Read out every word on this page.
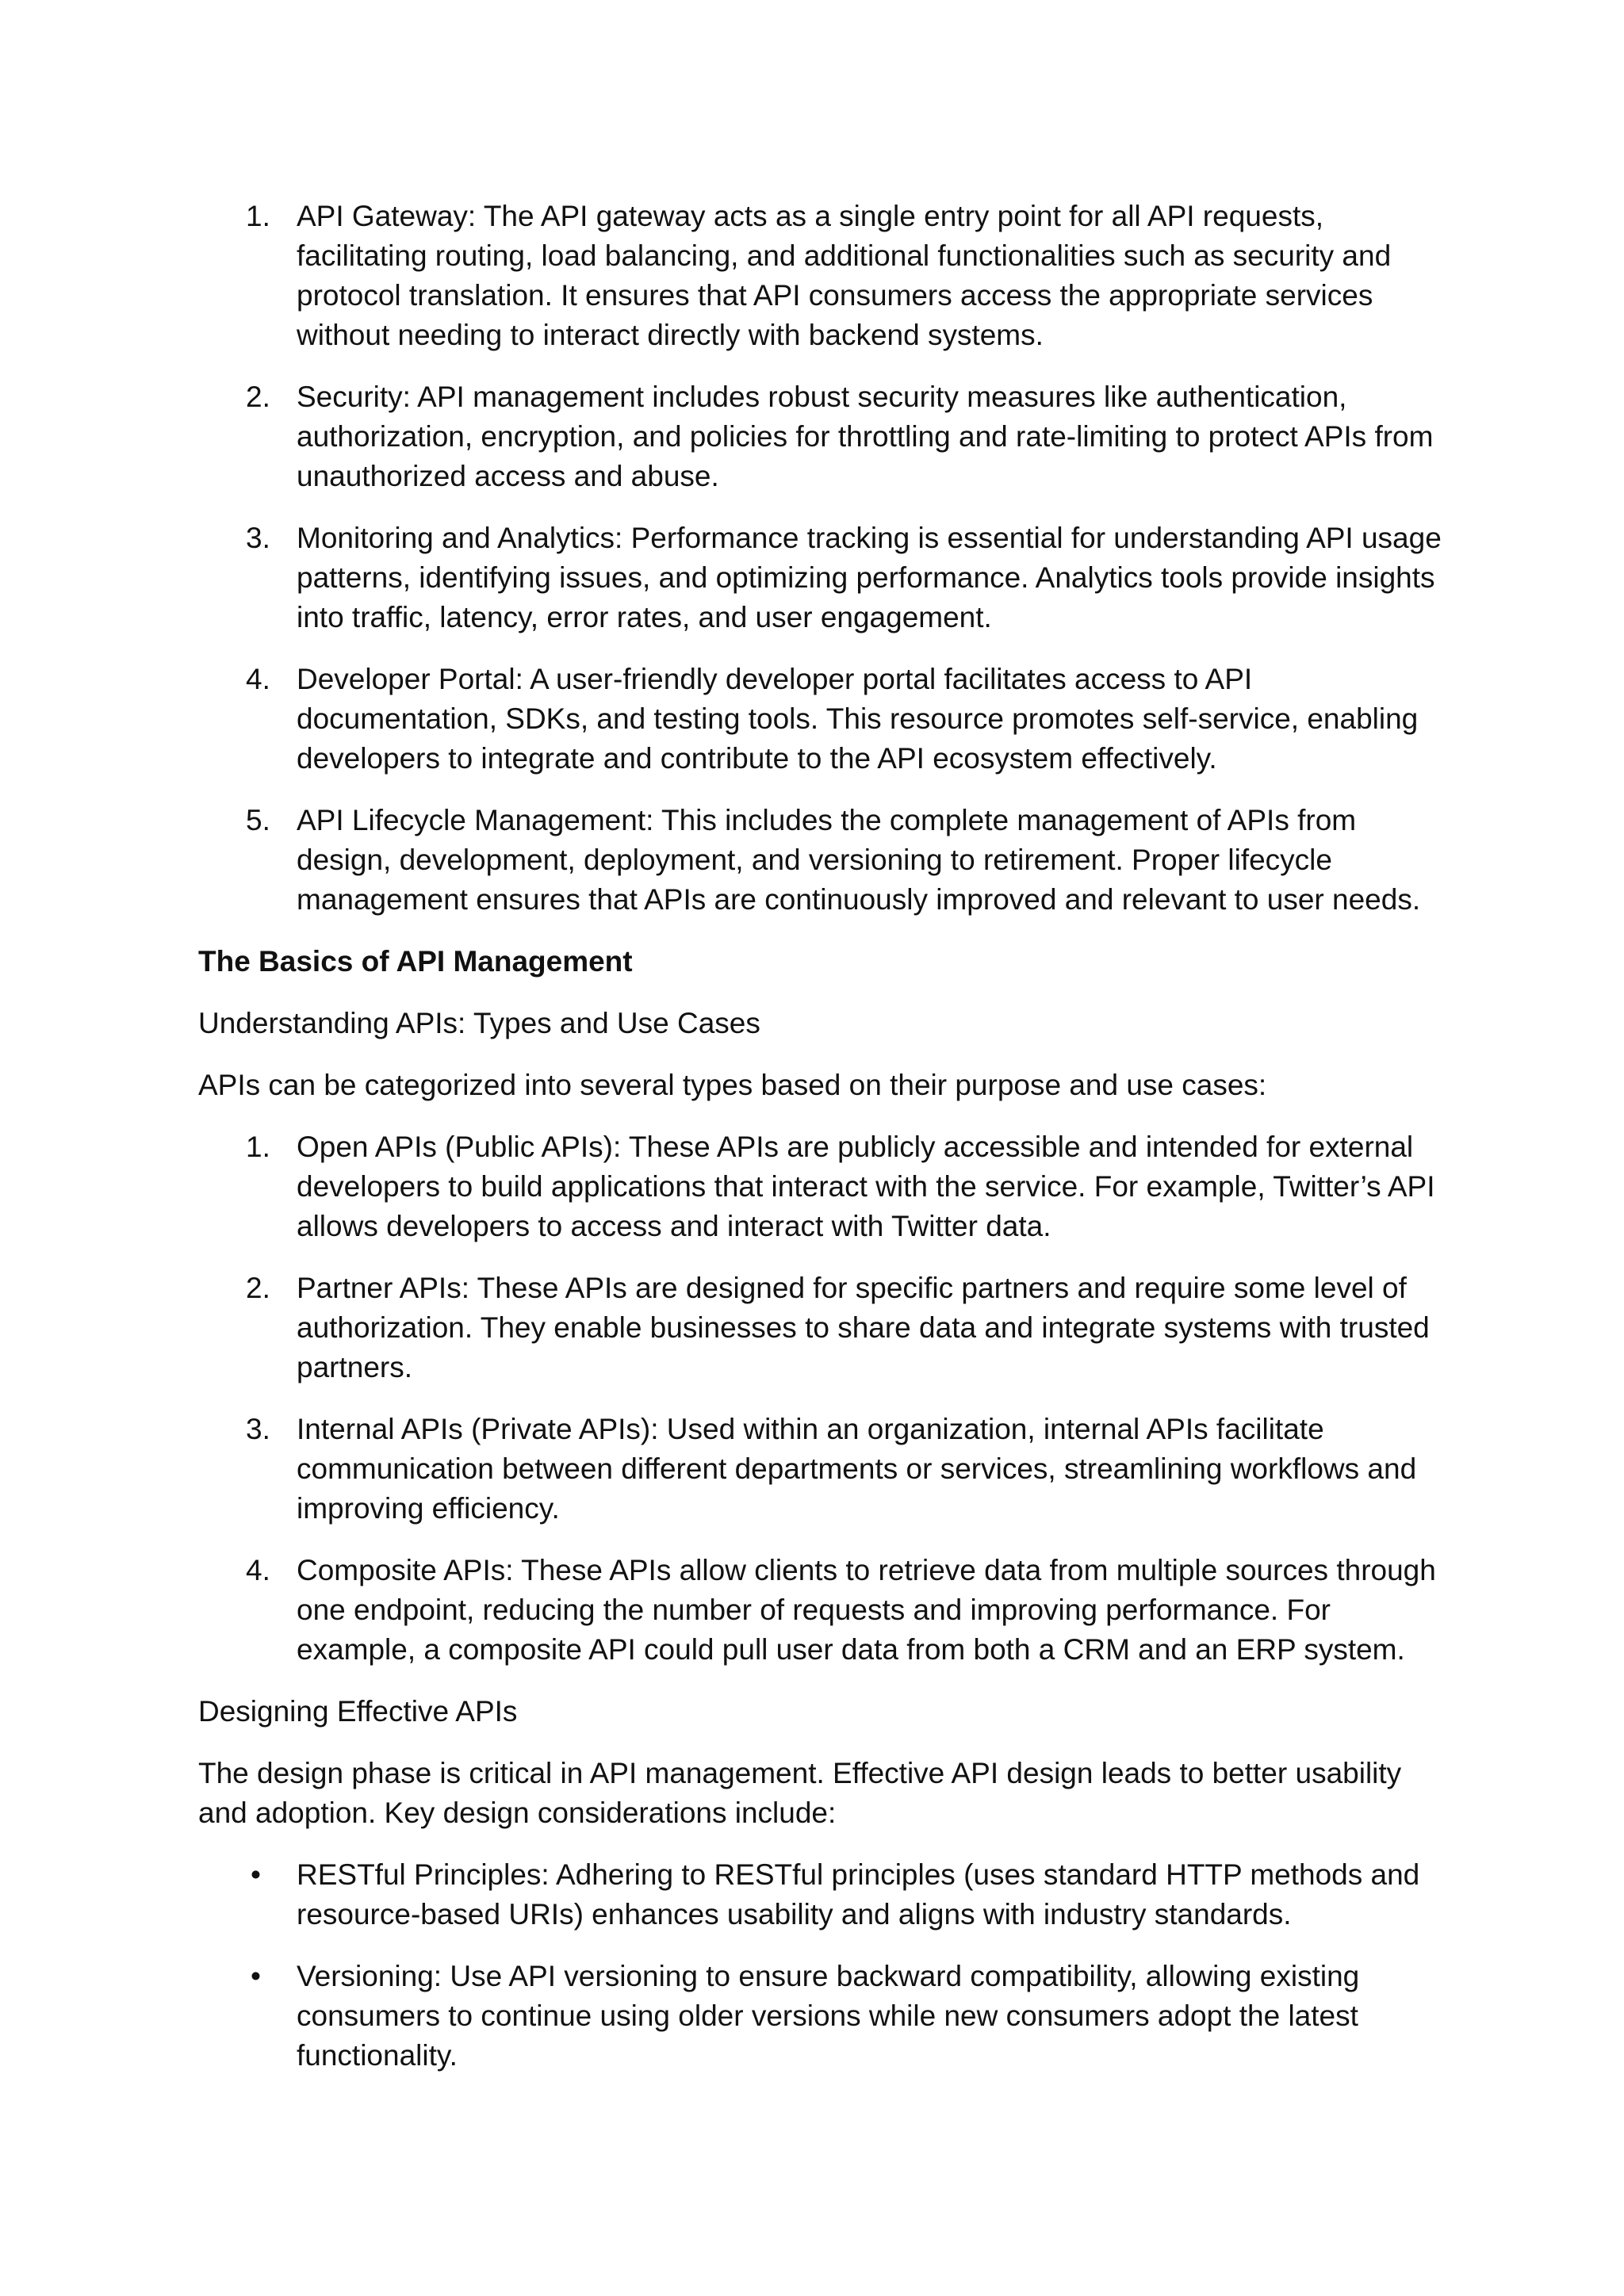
1. API Gateway: The API gateway acts as a single entry point for all API requests, facilitating routing, load balancing, and additional functionalities such as security and protocol translation. It ensures that API consumers access the appropriate services without needing to interact directly with backend systems.
2. Security: API management includes robust security measures like authentication, authorization, encryption, and policies for throttling and rate-limiting to protect APIs from unauthorized access and abuse.
3. Monitoring and Analytics: Performance tracking is essential for understanding API usage patterns, identifying issues, and optimizing performance. Analytics tools provide insights into traffic, latency, error rates, and user engagement.
4. Developer Portal: A user-friendly developer portal facilitates access to API documentation, SDKs, and testing tools. This resource promotes self-service, enabling developers to integrate and contribute to the API ecosystem effectively.
5. API Lifecycle Management: This includes the complete management of APIs from design, development, deployment, and versioning to retirement. Proper lifecycle management ensures that APIs are continuously improved and relevant to user needs.

The Basics of API Management

Understanding APIs: Types and Use Cases

APIs can be categorized into several types based on their purpose and use cases:

1. Open APIs (Public APIs): These APIs are publicly accessible and intended for external developers to build applications that interact with the service. For example, Twitter’s API allows developers to access and interact with Twitter data.
2. Partner APIs: These APIs are designed for specific partners and require some level of authorization. They enable businesses to share data and integrate systems with trusted partners.
3. Internal APIs (Private APIs): Used within an organization, internal APIs facilitate communication between different departments or services, streamlining workflows and improving efficiency.
4. Composite APIs: These APIs allow clients to retrieve data from multiple sources through one endpoint, reducing the number of requests and improving performance. For example, a composite API could pull user data from both a CRM and an ERP system.

Designing Effective APIs

The design phase is critical in API management. Effective API design leads to better usability and adoption. Key design considerations include:

• RESTful Principles: Adhering to RESTful principles (uses standard HTTP methods and resource-based URIs) enhances usability and aligns with industry standards.
• Versioning: Use API versioning to ensure backward compatibility, allowing existing consumers to continue using older versions while new consumers adopt the latest functionality.
